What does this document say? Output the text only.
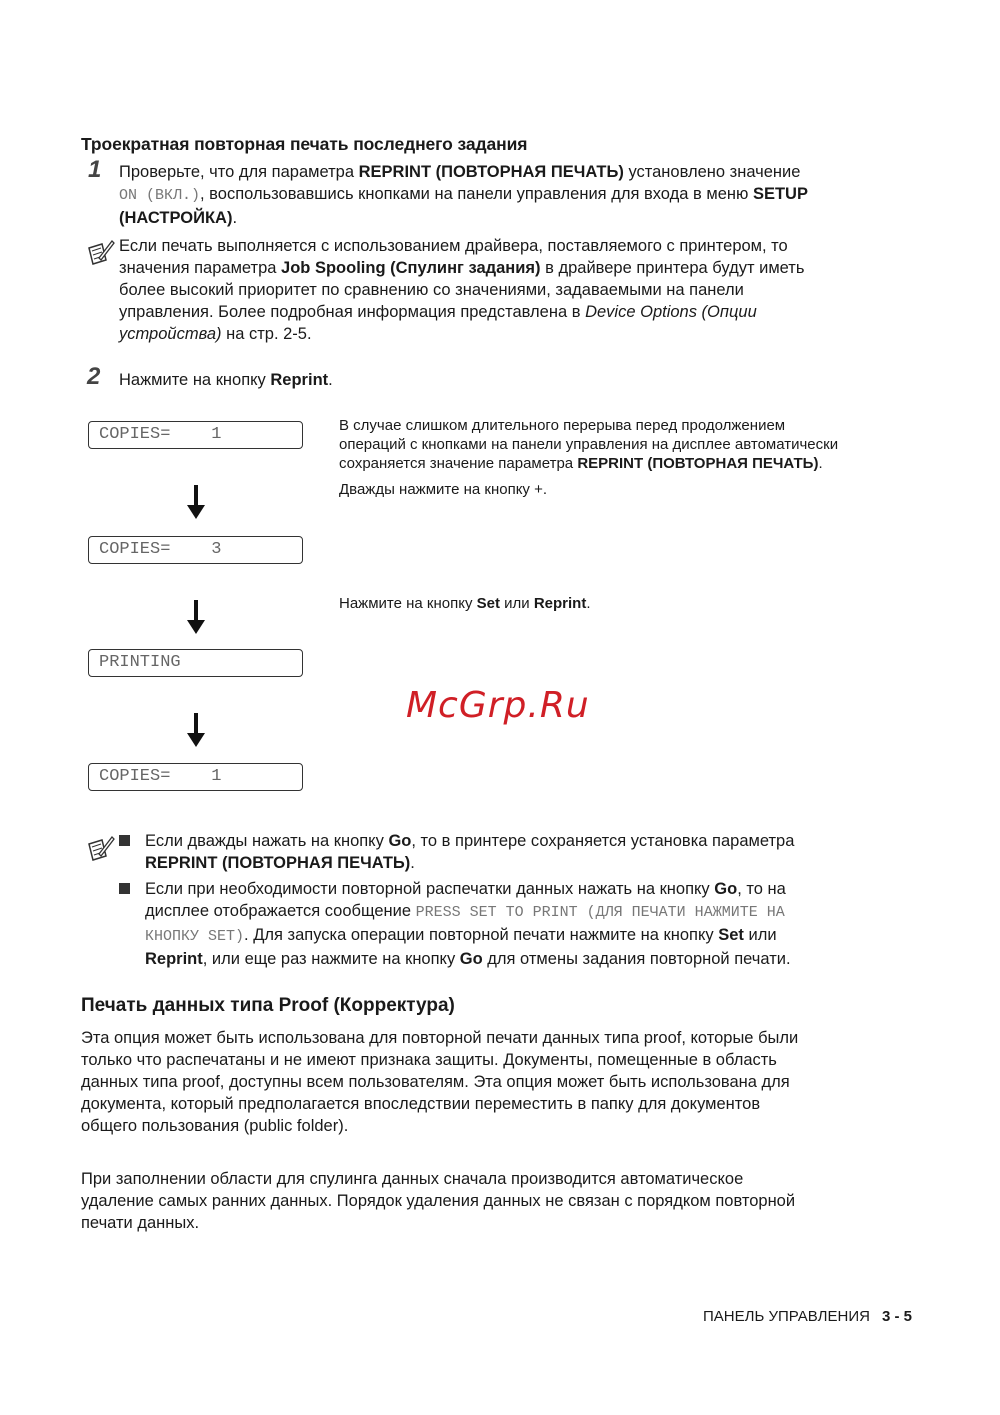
Троекратная повторная печать последнего задания
1 Проверьте, что для параметра REPRINT (ПОВТОРНАЯ ПЕЧАТЬ) установлено значение
ON (ВКЛ.), воспользовавшись кнопками на панели управления для входа в меню SETUP
(НАСТРОЙКА).
Если печать выполняется с использованием драйвера, поставляемого с принтером, то
значения параметра Job Spooling (Спулинг задания) в драйвере принтера будут иметь
более высокий приоритет по сравнению со значениями, задаваемыми на панели
управления. Более подробная информация представлена в Device Options (Опции
устройства) на стр. 2-5.
2 Нажмите на кнопку Reprint.
COPIES=    1
COPIES=    3
PRINTING
COPIES=    1
В случае слишком длительного перерыва перед продолжением
операций с кнопками на панели управления на дисплее автоматически
сохраняется значение параметра REPRINT (ПОВТОРНАЯ ПЕЧАТЬ).
Дважды нажмите на кнопку +.
Нажмите на кнопку Set или Reprint.
McGrp.Ru
Если дважды нажать на кнопку Go, то в принтере сохраняется установка параметра
REPRINT (ПОВТОРНАЯ ПЕЧАТЬ).
Если при необходимости повторной распечатки данных нажать на кнопку Go, то на
дисплее отображается сообщение PRESS SET TO PRINT (ДЛЯ ПЕЧАТИ НАЖМИТЕ НА
КНОПКУ SET). Для запуска операции повторной печати нажмите на кнопку Set или
Reprint, или еще раз нажмите на кнопку Go для отмены задания повторной печати.
Печать данных типа Proof (Корректура)
Эта опция может быть использована для повторной печати данных типа proof, которые были
только что распечатаны и не имеют признака защиты. Документы, помещенные в область
данных типа proof, доступны всем пользователям. Эта опция может быть использована для
документа, который предполагается впоследствии переместить в папку для документов
общего пользования (public folder).
При заполнении области для спулинга данных сначала производится автоматическое
удаление самых ранних данных. Порядок удаления данных не связан с порядком повторной
печати данных.
ПАНЕЛЬ УПРАВЛЕНИЯ 3 - 5
